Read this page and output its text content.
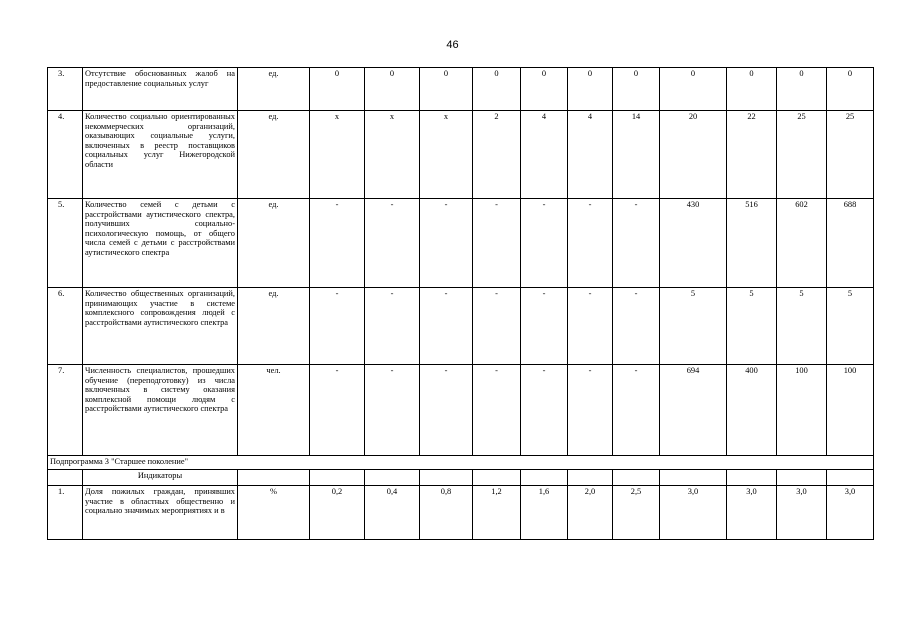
46
3.	Отсутствие обоснованных жалоб на предоставление социальных услуг	ед.	0	0	0	0	0	0	0	0	0	0	0
4.	Количество социально ориентированных некоммерческих организаций, оказывающих социальные услуги, включенных в реестр поставщиков социальных услуг Нижегородской области	ед.	х	х	х	2	4	4	14	20	22	25	25
5.	Количество семей с детьми с расстройствами аутистического спектра, получивших социально-психологическую помощь, от общего числа семей с детьми с расстройствами аутистического спектра	ед.	-	-	-	-	-	-	-	430	516	602	688
6.	Количество общественных организаций, принимающих участие в системе комплексного сопровождения людей с расстройствами аутистического спектра	ед.	-	-	-	-	-	-	-	5	5	5	5
7.	Численность специалистов, прошедших обучение (переподготовку) из числа включенных в систему оказания комплексной помощи людям с расстройствами аутистического спектра	чел.	-	-	-	-	-	-	-	694	400	100	100
Подпрограмма 3 "Старшее поколение"													
	Индикаторы												
1.	Доля пожилых граждан, принявших участие в областных общественно и социально значимых мероприятиях и в	%	0,2	0,4	0,8	1,2	1,6	2,0	2,5	3,0	3,0	3,0	3,0
